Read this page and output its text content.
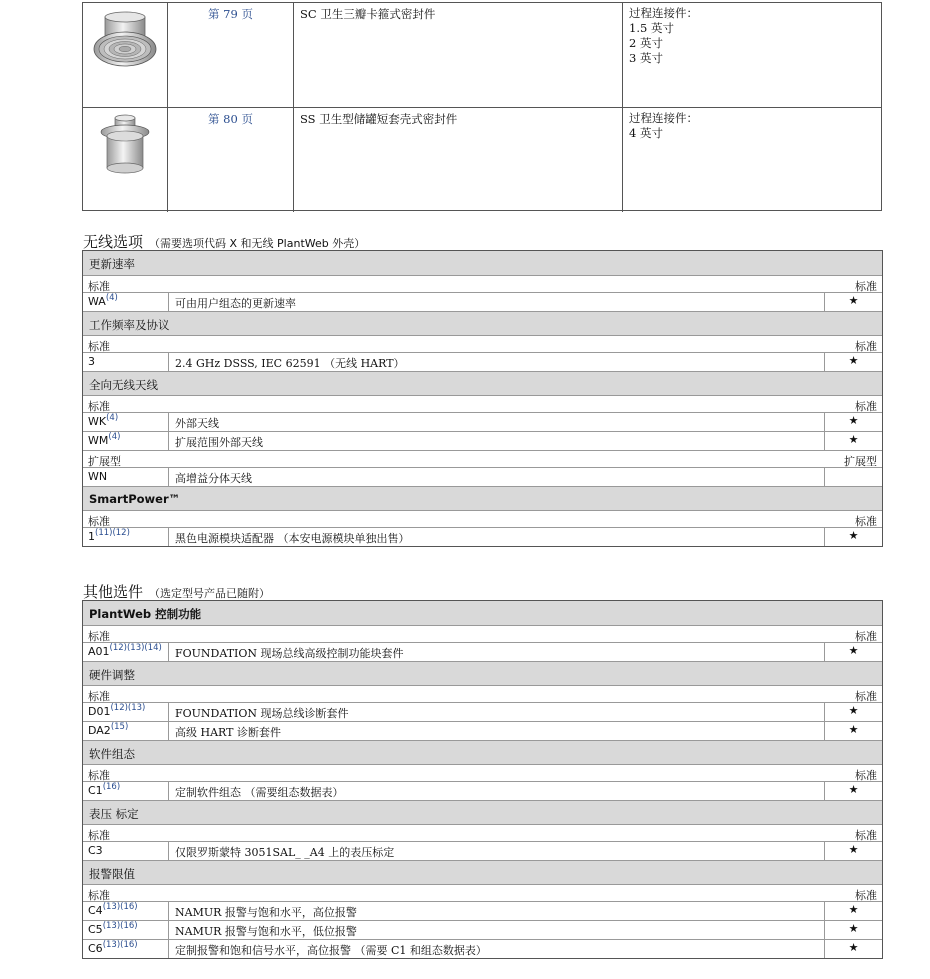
第 79 页	SC 卫生三瓣卡箍式密封件	过程连接件：
1.5 英寸
2 英寸
3 英寸
第 80 页	SS 卫生型储罐短套壳式密封件	过程连接件：
4 英寸
无线选项 （需要选项代码 X 和无线 PlantWeb 外壳）
更新速率
标准	标准
WA$^{(4)}$	可由用户组态的更新速率	★
工作频率及协议
标准	标准
3	2.4 GHz DSSS, IEC 62591 （无线 HART）	★
全向无线天线
标准	标准
WK$^{(4)}$	外部天线	★
WM$^{(4)}$	扩展范围外部天线	★
扩展型	扩展型
WN	高增益分体天线
SmartPower™
标准	标准
$1^{(11)(12)}$	黑色电源模块适配器 （本安电源模块单独出售）	★
其他选件 （选定型号产品已随附）
PlantWeb 控制功能
标准	标准
$A01^{(12)(13)(14)}$	FOUNDATION 现场总线高级控制功能块套件	★
硬件调整
标准	标准
$D01^{(12)(13)}$	FOUNDATION 现场总线诊断套件	★
DA2$^{(15)}$	高级 HART 诊断套件	★
软件组态
标准	标准
C1$^{(16)}$	定制软件组态 （需要组态数据表）	★
表压 标定
标准	标准
C3	仅限罗斯蒙特 3051SAL_ _A4 上的表压标定	★
报警限值
标准	标准
$C4^{(13)(16)}$	NAMUR 报警与饱和水平，高位报警	★
$C5^{(13)(16)}$	NAMUR 报警与饱和水平，低位报警	★
$C6^{(13)(16)}$	定制报警和饱和信号水平，高位报警 （需要 C1 和组态数据表）	★
